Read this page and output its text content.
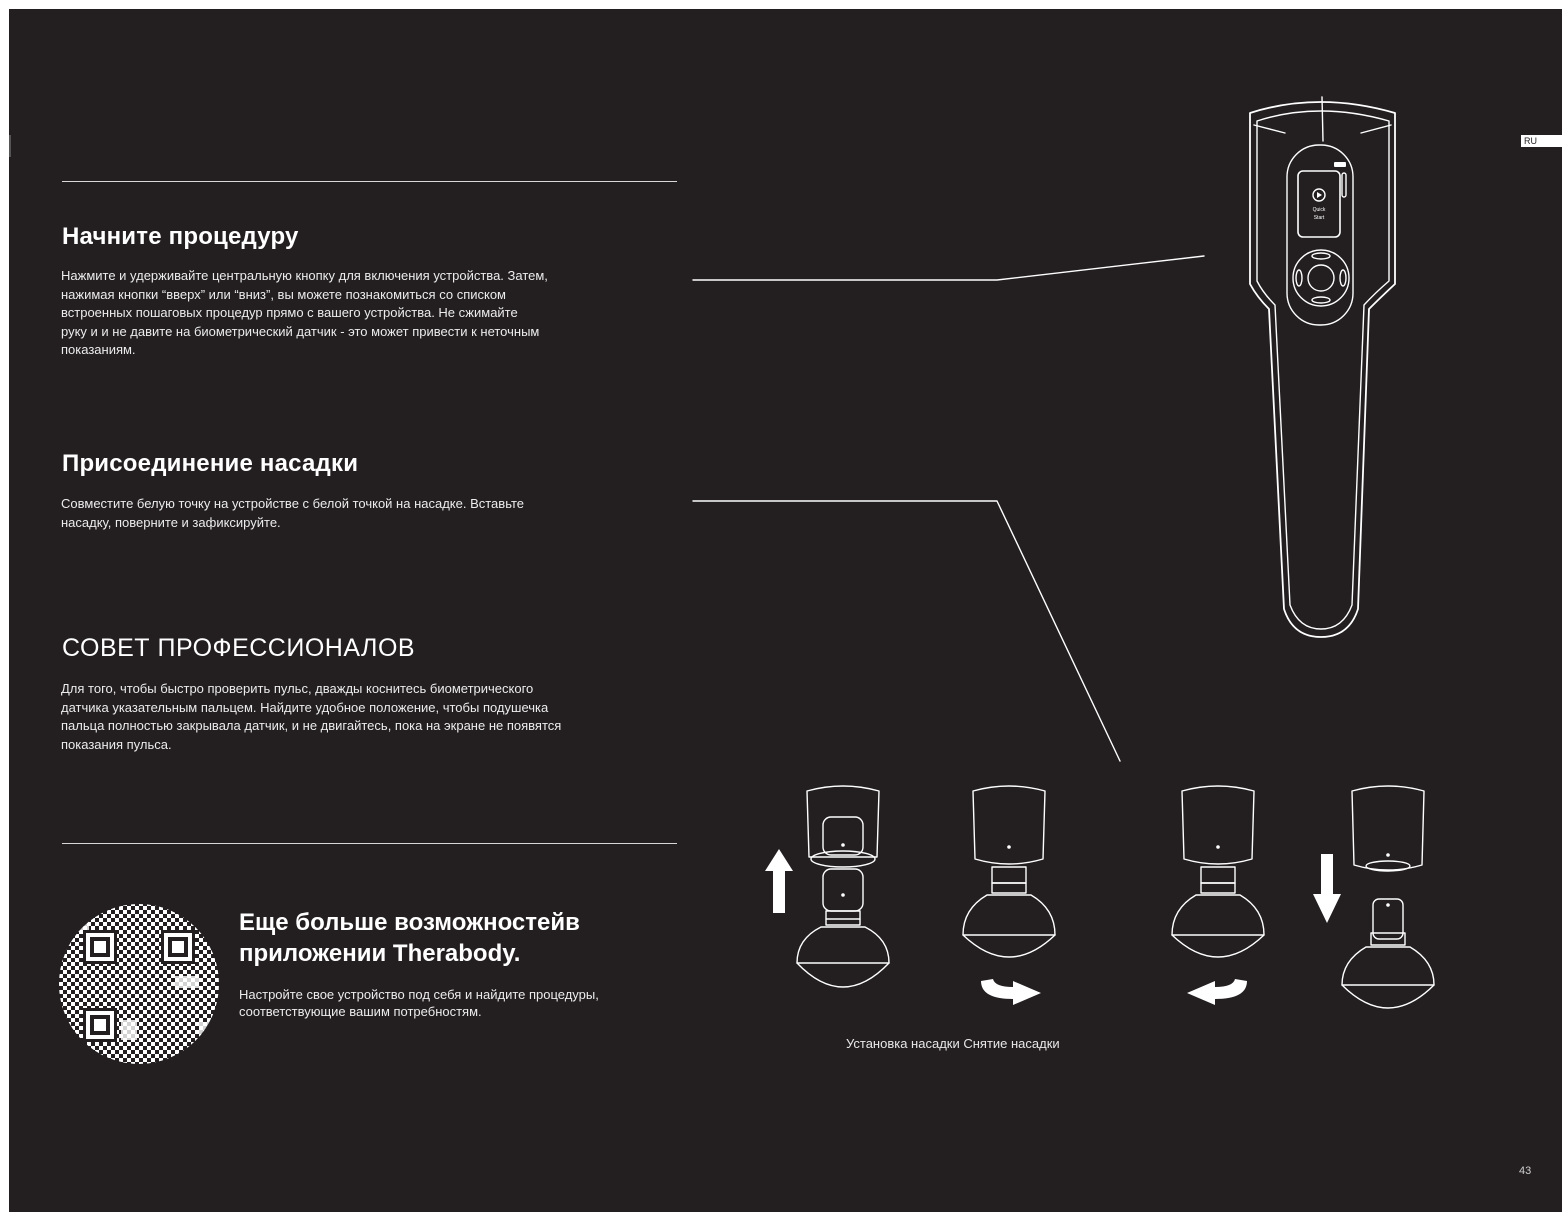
Начните процедуру
Нажмите и удерживайте центральную кнопку для включения устройства. Затем,
нажимая кнопки “вверх” или “вниз”, вы можете познакомиться со списком
встроенных пошаговых процедур прямо с вашего устройства. Не сжимайте
руку и и не давите на биометрический датчик - это может привести к неточным
показаниям.
Присоединение насадки
Совместите белую точку на устройстве с белой точкой на насадке. Вставьте
насадку, поверните и зафиксируйте.
СОВЕТ ПРОФЕССИОНАЛОВ
Для того, чтобы быстро проверить пульс, дважды коснитесь биометрического
датчика указательным пальцем. Найдите удобное положение, чтобы подушечка
пальца полностью закрывала датчик, и не двигайтесь, пока на экране не появятся
показания пульса.
Еще больше возможностейв
приложении Therabody.
Настройте свое устройство под себя и найдите процедуры,
соответствующие вашим потребностям.
Quick
Start
Установка насадки Снятие насадки
RU
43
